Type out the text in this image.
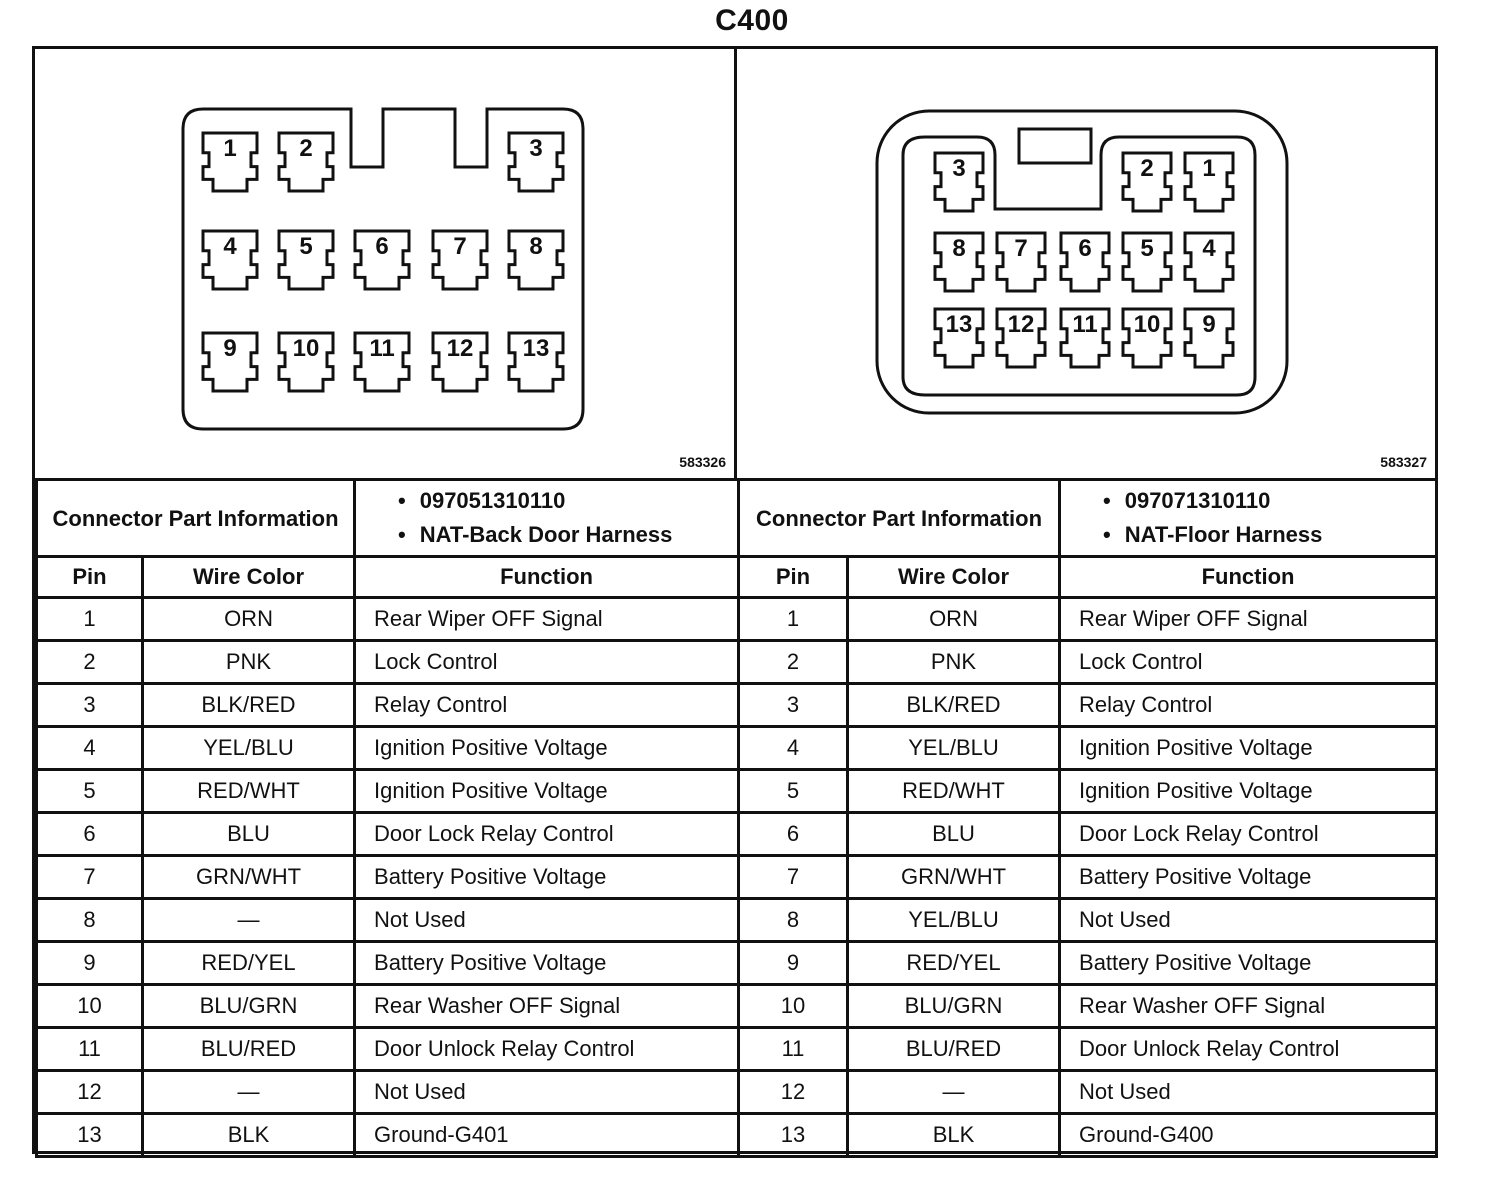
C400
1	2	3
4	5	6	7	8
9 10 11 12 13
583326
3	2 1
8 7 6 5 4
13 12 11 10 9
583327
Connector Part Information		• 097051310110
• NAT-Back Door Harness

Pin	Wire Color	Function
1	ORN	Rear Wiper OFF Signal
2	PNK	Lock Control
3	BLK/RED	Relay Control
4	YEL/BLU	Ignition Positive Voltage
5	RED/WHT	Ignition Positive Voltage
6	BLU	Door Lock Relay Control
7	GRN/WHT	Battery Positive Voltage
8	—	Not Used
9	RED/YEL	Battery Positive Voltage
10	BLU/GRN	Rear Washer OFF Signal
11	BLU/RED	Door Unlock Relay Control
12	—	Not Used
13	BLK	Ground-G401
Connector Part Information		• 097071310110
• NAT-Floor Harness

Pin	Wire Color	Function
1	ORN	Rear Wiper OFF Signal
2	PNK	Lock Control
3	BLK/RED	Relay Control
4	YEL/BLU	Ignition Positive Voltage
5	RED/WHT	Ignition Positive Voltage
6	BLU	Door Lock Relay Control
7	GRN/WHT	Battery Positive Voltage
8	YEL/BLU	Not Used
9	RED/YEL	Battery Positive Voltage
10	BLU/GRN	Rear Washer OFF Signal
11	BLU/RED	Door Unlock Relay Control
12	—	Not Used
13	BLK	Ground-G400
